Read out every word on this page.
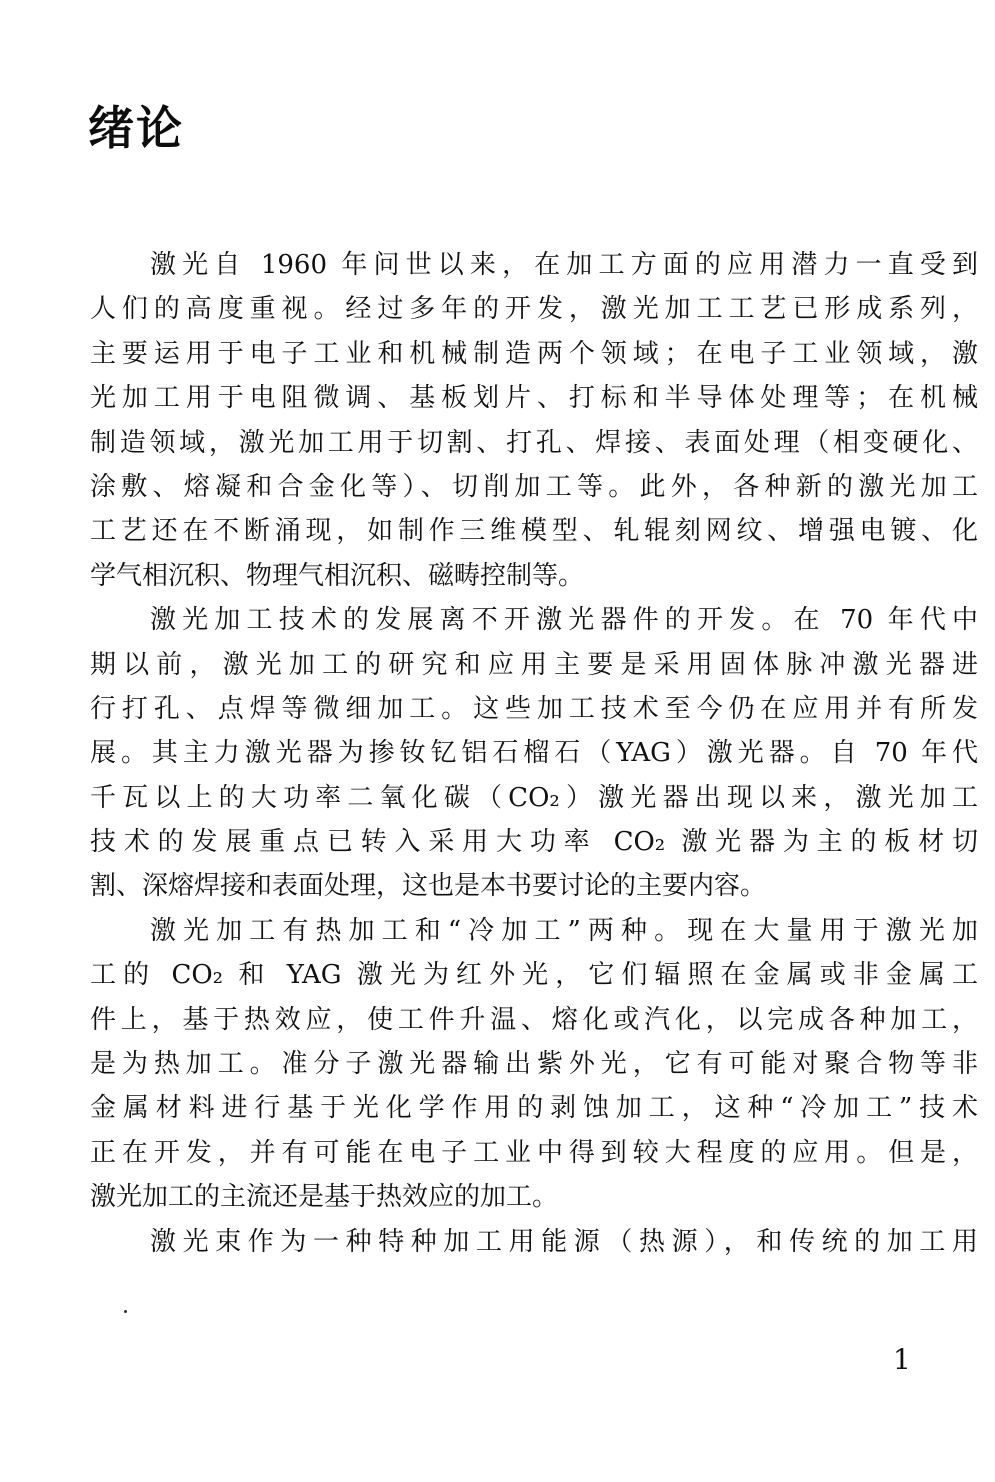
绪论
激光自 1960 年问世以来，在加工方面的应用潜力一直受到
人们的高度重视。经过多年的开发，激光加工工艺已形成系列，
主要运用于电子工业和机械制造两个领域；在电子工业领域，激
光加工用于电阻微调、基板划片、打标和半导体处理等；在机械
制造领域，激光加工用于切割、打孔、焊接、表面处理（相变硬化、
涂敷、熔凝和合金化等）、切削加工等。此外，各种新的激光加工
工艺还在不断涌现，如制作三维模型、轧辊刻网纹、增强电镀、化
学气相沉积、物理气相沉积、磁畴控制等。
激光加工技术的发展离不开激光器件的开发。在 70 年代中
期以前，激光加工的研究和应用主要是采用固体脉冲激光器进
行打孔、点焊等微细加工。这些加工技术至今仍在应用并有所发
展。其主力激光器为掺钕钇铝石榴石（YAG）激光器。自 70 年代
千瓦以上的大功率二氧化碳（CO₂）激光器出现以来，激光加工
技术的发展重点已转入采用大功率 CO₂ 激光器为主的板材切
割、深熔焊接和表面处理，这也是本书要讨论的主要内容。
激光加工有热加工和“冷加工”两种。现在大量用于激光加
工的 CO₂ 和 YAG 激光为红外光，它们辐照在金属或非金属工
件上，基于热效应，使工件升温、熔化或汽化，以完成各种加工，
是为热加工。准分子激光器输出紫外光，它有可能对聚合物等非
金属材料进行基于光化学作用的剥蚀加工，这种“冷加工”技术
正在开发，并有可能在电子工业中得到较大程度的应用。但是，
激光加工的主流还是基于热效应的加工。
激光束作为一种特种加工用能源（热源），和传统的加工用
1
